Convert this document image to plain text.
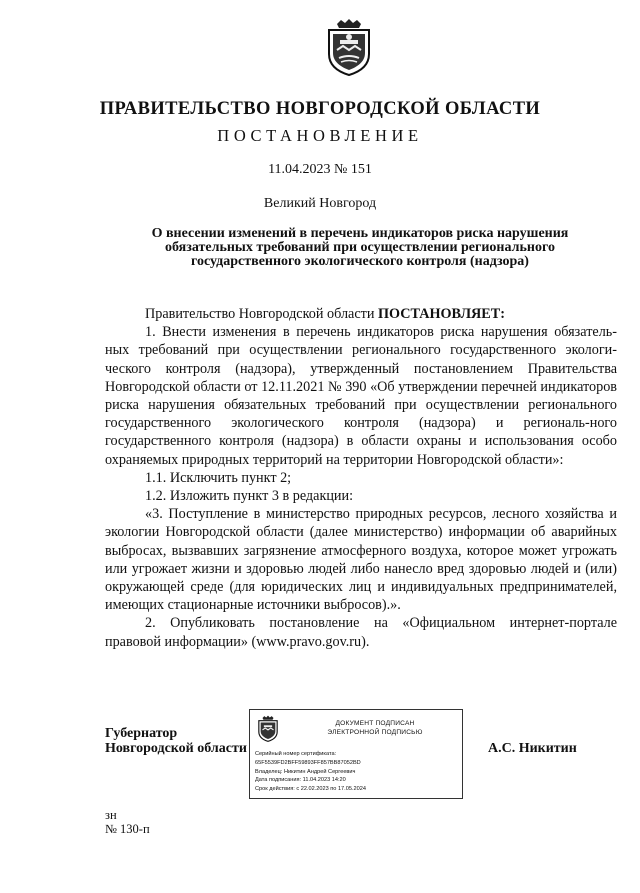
ПРАВИТЕЛЬСТВО НОВГОРОДСКОЙ ОБЛАСТИ
ПОСТАНОВЛЕНИЕ
11.04.2023 № 151
Великий Новгород
О внесении изменений в перечень индикаторов риска нарушения
обязательных требований при осуществлении регионального
государственного экологического контроля (надзора)

Правительство Новгородской области ПОСТАНОВЛЯЕТ:

1. Внести изменения в перечень индикаторов риска нарушения обязатель-ных требований при осуществлении регионального государственного экологи-ческого контроля (надзора), утвержденный постановлением Правительства Новгородской области от 12.11.2021 № 390 «Об утверждении перечней индикаторов риска нарушения обязательных требований при осуществлении регионального государственного экологического контроля (надзора) и региональ-ного государственного контроля (надзора) в области охраны и использования особо охраняемых природных территорий на территории Новгородской области»:

1.1. Исключить пункт 2;

1.2. Изложить пункт 3 в редакции:

«3. Поступление в министерство природных ресурсов, лесного хозяйства и экологии Новгородской области (далее министерство) информации об аварийных выбросах, вызвавших загрязнение атмосферного воздуха, которое может угрожать или угрожает жизни и здоровью людей либо нанесло вред здоровью людей и (или) окружающей среде (для юридических лиц и индивидуальных предпринимателей, имеющих стационарные источники выбросов).».

2. Опубликовать постановление на «Официальном интернет-портале правовой информации» (www.pravo.gov.ru).

Губернатор
Новгородской области
ДОКУМЕНТ ПОДПИСАН
ЭЛЕКТРОННОЙ ПОДПИСЬЮ
Серийный номер сертификата:
65F5539FD2BFF59893FF857BB87052BD
Владелец: Никитин Андрей Сергеевич
Дата подписания: 11.04.2023 14:20
Срок действия: с 22.02.2023 по 17.05.2024
А.С. Никитин
зн
№ 130-п
